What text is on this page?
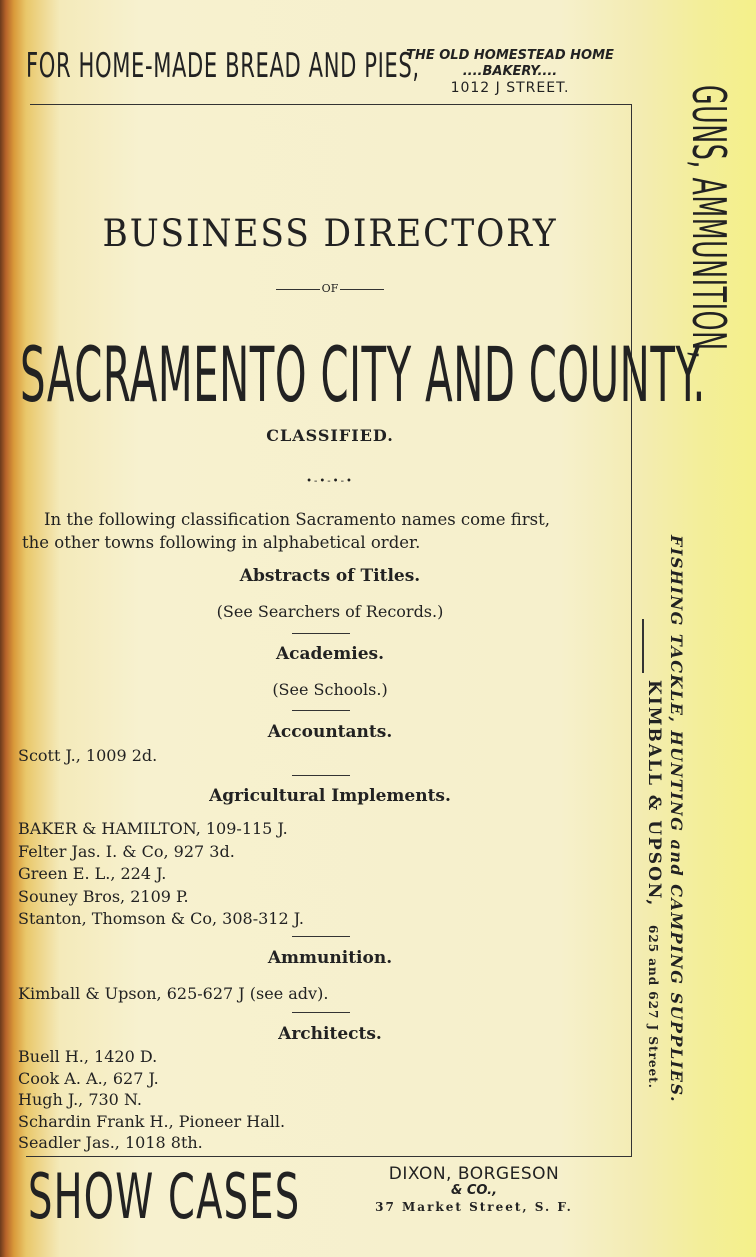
FOR HOME-MADE BREAD AND PIES,
THE OLD HOMESTEAD HOME
....BAKERY....
1012 J STREET.
BUSINESS DIRECTORY
OF
SACRAMENTO CITY AND COUNTY.
CLASSIFIED.
•-•-•-•
In the following classification Sacramento names come first,
the other towns following in alphabetical order.
Abstracts of Titles.
(See Searchers of Records.)
Academies.
(See Schools.)
Accountants.
Scott J., 1009 2d.
Agricultural Implements.
BAKER & HAMILTON, 109-115 J.
Felter Jas. I. & Co, 927 3d.
Green E. L., 224 J.
Souney Bros, 2109 P.
Stanton, Thomson & Co, 308-312 J.
Ammunition.
Kimball & Upson, 625-627 J (see adv).
Architects.
Buell H., 1420 D.
Cook A. A., 627 J.
Hugh J., 730 N.
Schardin Frank H., Pioneer Hall.
Seadler Jas., 1018 8th.
GUNS, AMMUNITION,
FISHING TACKLE, HUNTING and CAMPING SUPPLIES.
KIMBALL & UPSON,
625 and 627 J Street.
SHOW CASES	DIXON, BORGESON
& CO.,
37 Market Street, S. F.
